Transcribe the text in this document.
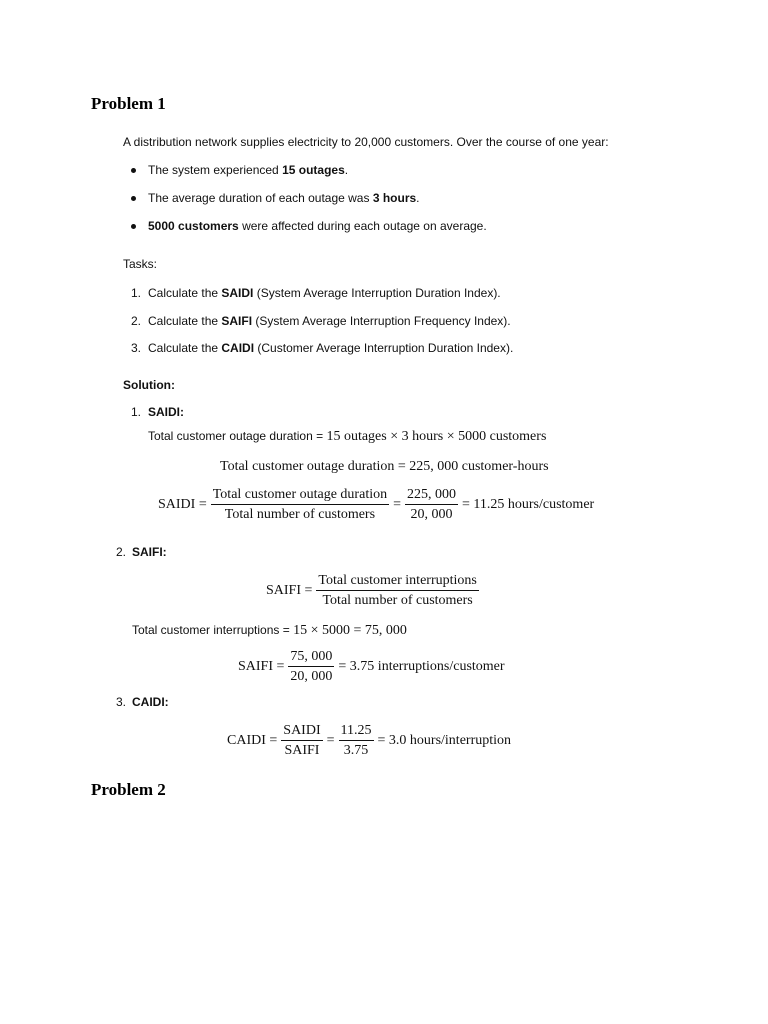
Problem 1
A distribution network supplies electricity to 20,000 customers. Over the course of one year:
The system experienced 15 outages.
The average duration of each outage was 3 hours.
5000 customers were affected during each outage on average.
Tasks:
1. Calculate the SAIDI (System Average Interruption Duration Index).
2. Calculate the SAIFI (System Average Interruption Frequency Index).
3. Calculate the CAIDI (Customer Average Interruption Duration Index).
Solution:
1. SAIDI:
Total customer outage duration = 15 outages × 3 hours × 5000 customers
Total customer outage duration = 225, 000 customer-hours
SAIDI = $\frac{\text{Total customer outage duration}}{\text{Total number of customers}} = \frac{225, 000}{20, 000} = 11.25$ hours/customer
2. SAIFI:
SAIFI = $\frac{\text{Total customer interruptions}}{\text{Total number of customers}}$
Total customer interruptions = 15 × 5000 = 75, 000
SAIFI = $\frac{75, 000}{20, 000} = 3.75$ interruptions/customer
3. CAIDI:
CAIDI = $\frac{\text{SAIDI}}{\text{SAIFI}} = \frac{11.25}{3.75} = 3.0$ hours/interruption
Problem 2
